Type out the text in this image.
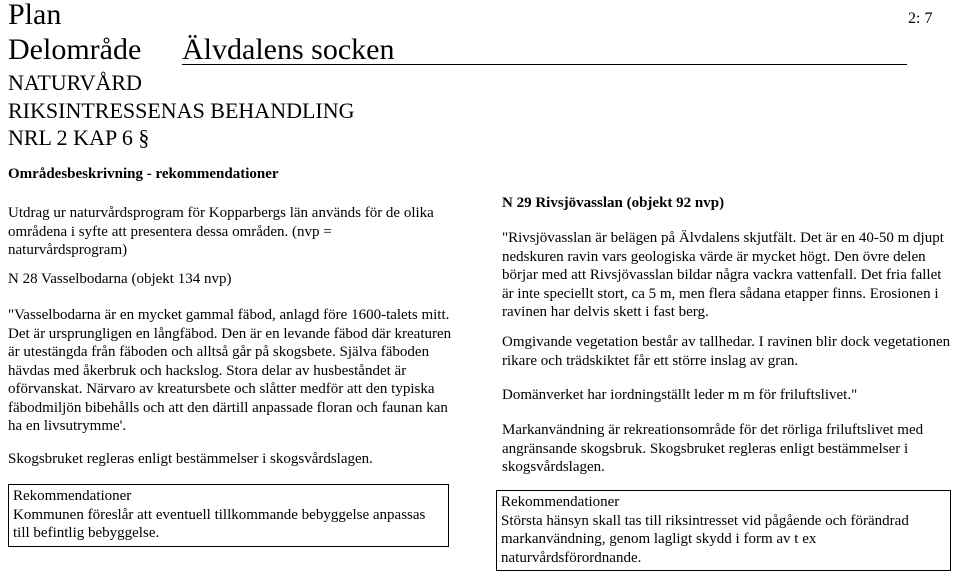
Plan
Delområde Älvdalens socken
2: 7
NATURVÅRD
RIKSINTRESSENAS BEHANDLING
NRL 2 KAP 6 §
Områdesbeskrivning - rekommendationer

Utdrag ur naturvårdsprogram för Kopparbergs län används för de olika områdena i syfte att presentera dessa områden. (nvp = naturvårdsprogram)

N 28 Vasselbodarna (objekt 134 nvp)

"Vasselbodarna är en mycket gammal fäbod, anlagd före 1600-talets mitt. Det är ursprungligen en långfäbod. Den är en levande fäbod där kreaturen är utestängda från fäboden och alltså går på skogsbete. Själva fäboden hävdas med åkerbruk och hackslog. Stora delar av husbeståndet är oförvanskat. Närvaro av kreatursbete och slåtter medför att den typiska fäbodmiljön bibehålls och att den därtill anpassade floran och faunan kan ha en livsutrymme'.

Skogsbruket regleras enligt bestämmelser i skogsvårdslagen.

Rekommendationer

Kommunen föreslår att eventuell tillkommande bebyggelse anpassas till befintlig bebyggelse.

N 29 Rivsjövasslan (objekt 92 nvp)

"Rivsjövasslan är belägen på Älvdalens skjutfält. Det är en 40-50 m djupt nedskuren ravin vars geologiska värde är mycket högt. Den övre delen börjar med att Rivsjövasslan bildar några vackra vattenfall. Det fria fallet är inte speciellt stort, ca 5 m, men flera sådana etapper finns. Erosionen i ravinen har delvis skett i fast berg.

Omgivande vegetation består av tallhedar. I ravinen blir dock vegetationen rikare och trädskiktet får ett större inslag av gran.

Domänverket har iordningställt leder m m för friluftslivet."

Markanvändning är rekreationsområde för det rörliga friluftslivet med angränsande skogsbruk. Skogsbruket regleras enligt bestämmelser i skogsvårdslagen.

Rekommendationer

Största hänsyn skall tas till riksintresset vid pågående och förändrad markanvändning, genom lagligt skydd i form av t ex naturvårdsförordnande.
